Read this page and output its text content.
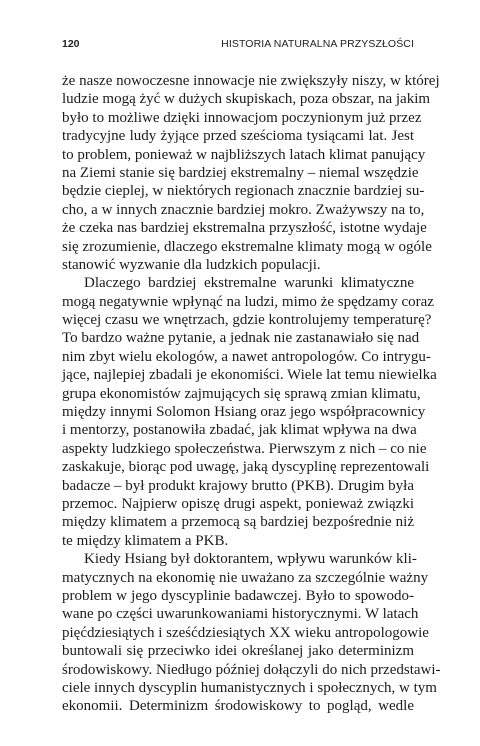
120	HISTORIA NATURALNA PRZYSZŁOŚCI
że nasze nowoczesne innowacje nie zwiększyły niszy, w której
ludzie mogą żyć w dużych skupiskach, poza obszar, na jakim
było to możliwe dzięki innowacjom poczynionym już przez
tradycyjne ludy żyjące przed sześcioma tysiącami lat. Jest
to problem, ponieważ w najbliższych latach klimat panujący
na Ziemi stanie się bardziej ekstremalny – niemal wszędzie
będzie cieplej, w niektórych regionach znacznie bardziej su-
cho, a w innych znacznie bardziej mokro. Zważywszy na to,
że czeka nas bardziej ekstremalna przyszłość, istotne wydaje
się zrozumienie, dlaczego ekstremalne klimaty mogą w ogóle
stanowić wyzwanie dla ludzkich populacji.
Dlaczego bardziej ekstremalne warunki klimatyczne
mogą negatywnie wpłynąć na ludzi, mimo że spędzamy coraz
więcej czasu we wnętrzach, gdzie kontrolujemy temperaturę?
To bardzo ważne pytanie, a jednak nie zastanawiało się nad
nim zbyt wielu ekologów, a nawet antropologów. Co intrygu-
jące, najlepiej zbadali je ekonomiści. Wiele lat temu niewielka
grupa ekonomistów zajmujących się sprawą zmian klimatu,
między innymi Solomon Hsiang oraz jego współpracownicy
i mentorzy, postanowiła zbadać, jak klimat wpływa na dwa
aspekty ludzkiego społeczeństwa. Pierwszym z nich – co nie
zaskakuje, biorąc pod uwagę, jaką dyscyplinę reprezentowali
badacze – był produkt krajowy brutto (PKB). Drugim była
przemoc. Najpierw opiszę drugi aspekt, ponieważ związki
między klimatem a przemocą są bardziej bezpośrednie niż
te między klimatem a PKB.
Kiedy Hsiang był doktorantem, wpływu warunków kli-
matycznych na ekonomię nie uważano za szczególnie ważny
problem w jego dyscyplinie badawczej. Było to spowodo-
wane po części uwarunkowaniami historycznymi. W latach
pięćdziesiątych i sześćdziesiątych XX wieku antropologowie
buntowali się przeciwko idei określanej jako determinizm
środowiskowy. Niedługo później dołączyli do nich przedstawi-
ciele innych dyscyplin humanistycznych i społecznych, w tym
ekonomii. Determinizm środowiskowy to pogląd, wedle
